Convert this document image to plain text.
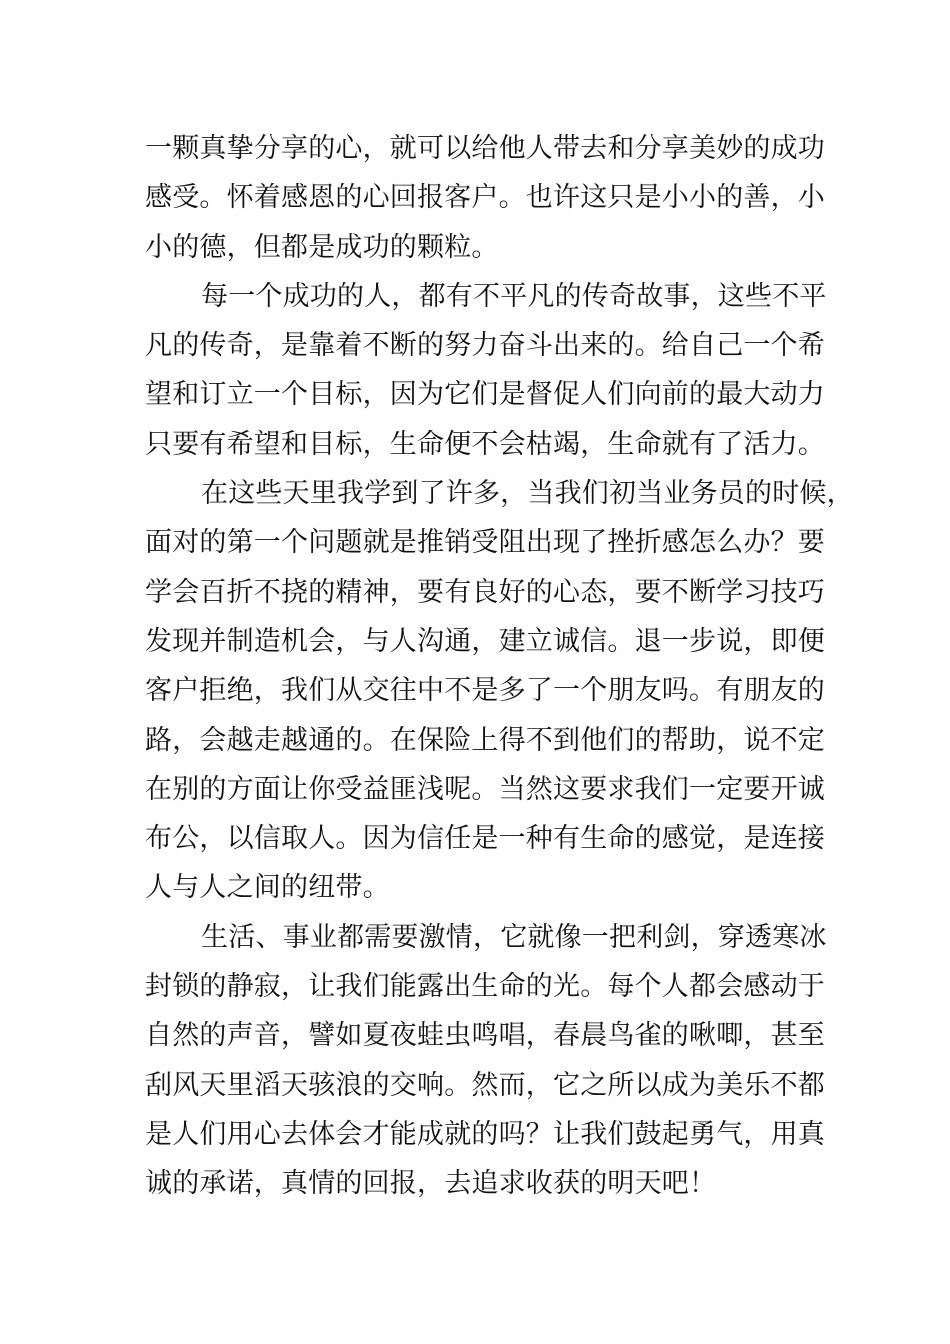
一颗真挚分享的心，就可以给他人带去和分享美妙的成功
感受。怀着感恩的心回报客户。也许这只是小小的善，小
小的德，但都是成功的颗粒。
每一个成功的人，都有不平凡的传奇故事，这些不平
凡的传奇，是靠着不断的努力奋斗出来的。给自己一个希
望和订立一个目标，因为它们是督促人们向前的最大动力
只要有希望和目标，生命便不会枯竭，生命就有了活力。
在这些天里我学到了许多，当我们初当业务员的时候，
面对的第一个问题就是推销受阻出现了挫折感怎么办？要
学会百折不挠的精神，要有良好的心态，要不断学习技巧
发现并制造机会，与人沟通，建立诚信。退一步说，即便
客户拒绝，我们从交往中不是多了一个朋友吗。有朋友的
路，会越走越通的。在保险上得不到他们的帮助，说不定
在别的方面让你受益匪浅呢。当然这要求我们一定要开诚
布公，以信取人。因为信任是一种有生命的感觉，是连接
人与人之间的纽带。
生活、事业都需要激情，它就像一把利剑，穿透寒冰
封锁的静寂，让我们能露出生命的光。每个人都会感动于
自然的声音，譬如夏夜蛙虫鸣唱，春晨鸟雀的啾唧，甚至
刮风天里滔天骇浪的交响。然而，它之所以成为美乐不都
是人们用心去体会才能成就的吗？让我们鼓起勇气，用真
诚的承诺，真情的回报，去追求收获的明天吧！
